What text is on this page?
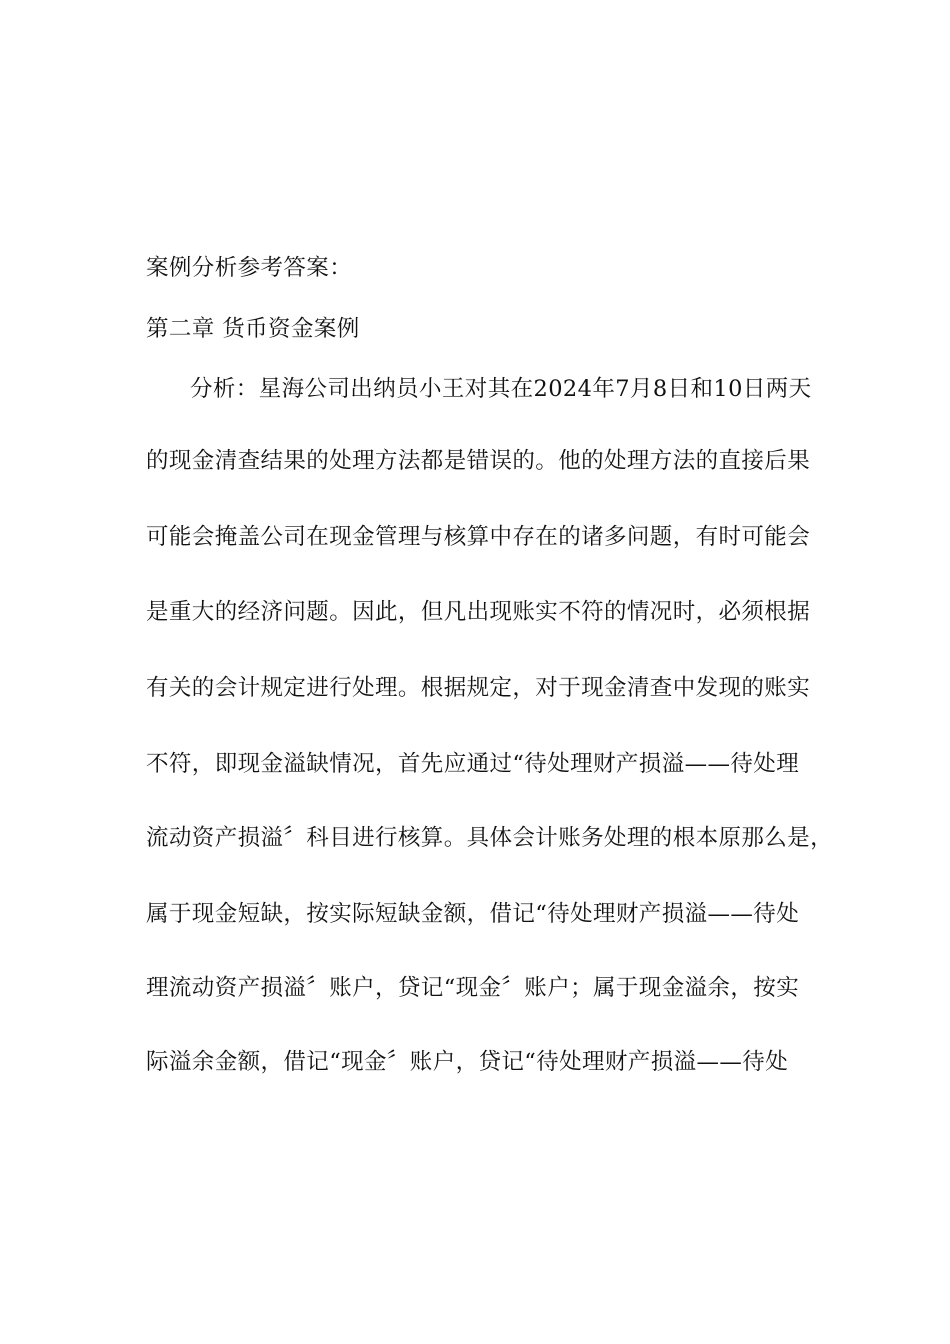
案例分析参考答案：
第二章 货币资金案例
分析：星海公司出纳员小王对其在2024年7月8日和10日两天
的现金清查结果的处理方法都是错误的。他的处理方法的直接后果
可能会掩盖公司在现金管理与核算中存在的诸多问题，有时可能会
是重大的经济问题。因此，但凡出现账实不符的情况时，必须根据
有关的会计规定进行处理。根据规定，对于现金清查中发现的账实
不符，即现金溢缺情况，首先应通过“待处理财产损溢——待处理
流动资产损溢〞科目进行核算。具体会计账务处理的根本原那么是，
属于现金短缺，按实际短缺金额，借记“待处理财产损溢——待处
理流动资产损溢〞账户，贷记“现金〞账户；属于现金溢余，按实
际溢余金额，借记“现金〞账户，贷记“待处理财产损溢——待处
